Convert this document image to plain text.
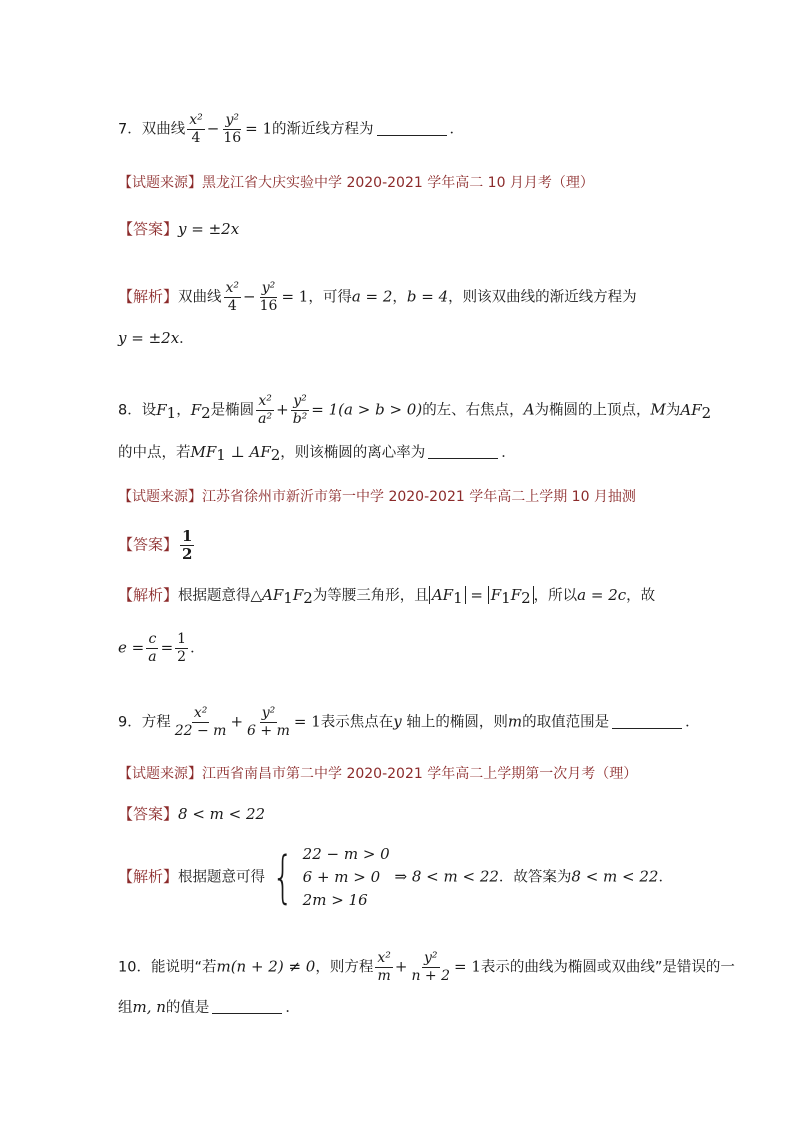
7．双曲线 $\frac{\text{x²}}{4} - \frac{\text{y²}}{16} = 1$的渐近线方程为	．
【试题来源】黑龙江省大庆实验中学 2020-2021 学年高二 10 月月考（理）
【答案】y = ±2x
【解析】双曲线 $\frac{\text{x²}}{4} - \frac{\text{y²}}{16} = 1$，可得a = 2，b = 4，则该双曲线的渐近线方程为
y = ±2x．
8．设$F_1$，$F_2$是椭圆 $\frac{\text{x²}}{\text{a²}} + \frac{\text{y²}}{\text{b²}} = 1(a > b > 0)$的左、右焦点，A为椭圆的上顶点，M为$AF_2$
的中点，若$MF_1$ ⊥ $AF_2$，则该椭圆的离心率为	．
【试题来源】江苏省徐州市新沂市第一中学 2020-2021 学年高二上学期 10 月抽测
【答案】 $\frac{1}{2}$
【解析】根据题意得$\triangle AF_1F_2$为等腰三角形，且 $AF_1 = F_1F_2$ ，所以a = 2c，故
$e = \frac{c}{a} = \frac{1}{2}$ ．
9．方程 $\frac{\text{x²}}{22 - m} + \frac{\text{y²}}{6 + m} = 1$表示焦点在y 轴上的椭圆，则m的取值范围是	．
【试题来源】江西省南昌市第二中学 2020-2021 学年高二上学期第一次月考（理）
【答案】8 < m < 22
【解析】根据题意可得 { 22 − m > 0
6 + m > 0
2m > 16
⇒ 8 < m < 22．故答案为8 < m < 22．
10．能说明“若m(n + 2) ≠ 0，则方程 $\frac{\text{x²}}{m} + \frac{\text{y²}}{n + 2} = 1$表示的曲线为椭圆或双曲线”是错误的一
组m, n的值是	．
